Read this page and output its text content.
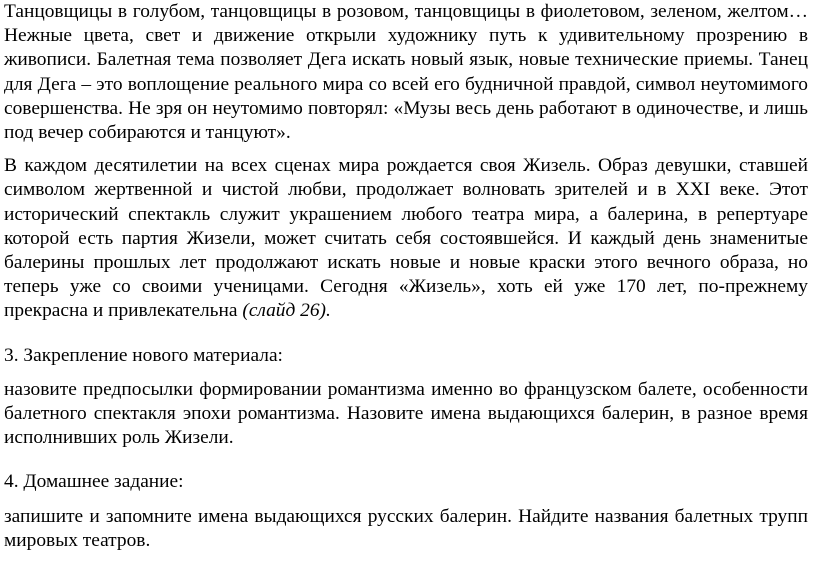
Танцовщицы в голубом, танцовщицы в розовом, танцовщицы в фиолетовом, зеленом, желтом… Нежные цвета, свет и движение открыли художнику путь к удивительному прозрению в живописи. Балетная тема позволяет Дега искать новый язык, новые технические приемы. Танец для Дега – это воплощение реального мира со всей его будничной правдой, символ неутомимого совершенства. Не зря он неутомимо повторял: «Музы весь день работают в одиночестве, и лишь под вечер собираются и танцуют».

В каждом десятилетии на всех сценах мира рождается своя Жизель. Образ девушки, ставшей символом жертвенной и чистой любви, продолжает волновать зрителей и в XXI веке. Этот исторический спектакль служит украшением любого театра мира, а балерина, в репертуаре которой есть партия Жизели, может считать себя состоявшейся. И каждый день знаменитые балерины прошлых лет продолжают искать новые и новые краски этого вечного образа, но теперь уже со своими ученицами. Сегодня «Жизель», хоть ей уже 170 лет, по-прежнему прекрасна и привлекательна (слайд 26).

3. Закрепление нового материала:

назовите предпосылки формировании романтизма именно во французском балете, особенности балетного спектакля эпохи романтизма. Назовите имена выдающихся балерин, в разное время исполнивших роль Жизели.

4. Домашнее задание:

запишите и запомните имена выдающихся русских балерин. Найдите названия балетных трупп мировых театров.
